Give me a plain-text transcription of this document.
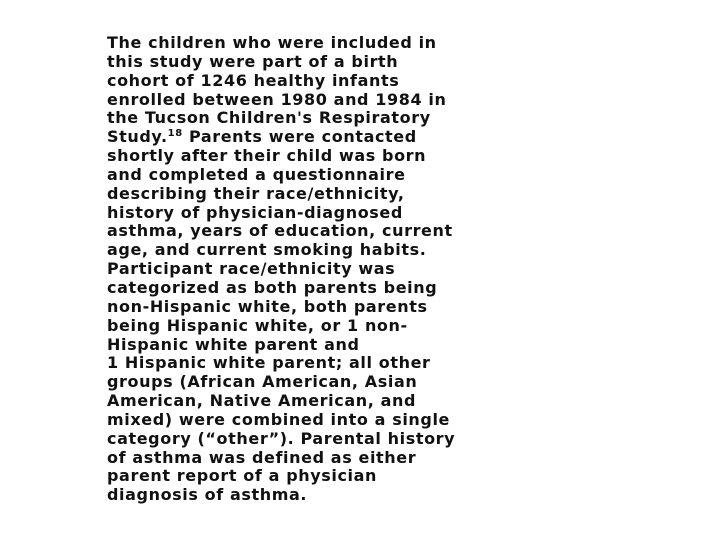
The children who were included in
this study were part of a birth
cohort of 1246 healthy infants
enrolled between 1980 and 1984 in
the Tucson Children's Respiratory
Study.$^{18}$ Parents were contacted
shortly after their child was born
and completed a questionnaire
describing their race/ethnicity,
history of physician-diagnosed
asthma, years of education, current
age, and current smoking habits.
Participant race/ethnicity was
categorized as both parents being
non-Hispanic white, both parents
being Hispanic white, or 1 non-
Hispanic white parent and
1 Hispanic white parent; all other
groups (African American, Asian
American, Native American, and
mixed) were combined into a single
category (“other”). Parental history
of asthma was defined as either
parent report of a physician
diagnosis of asthma.
